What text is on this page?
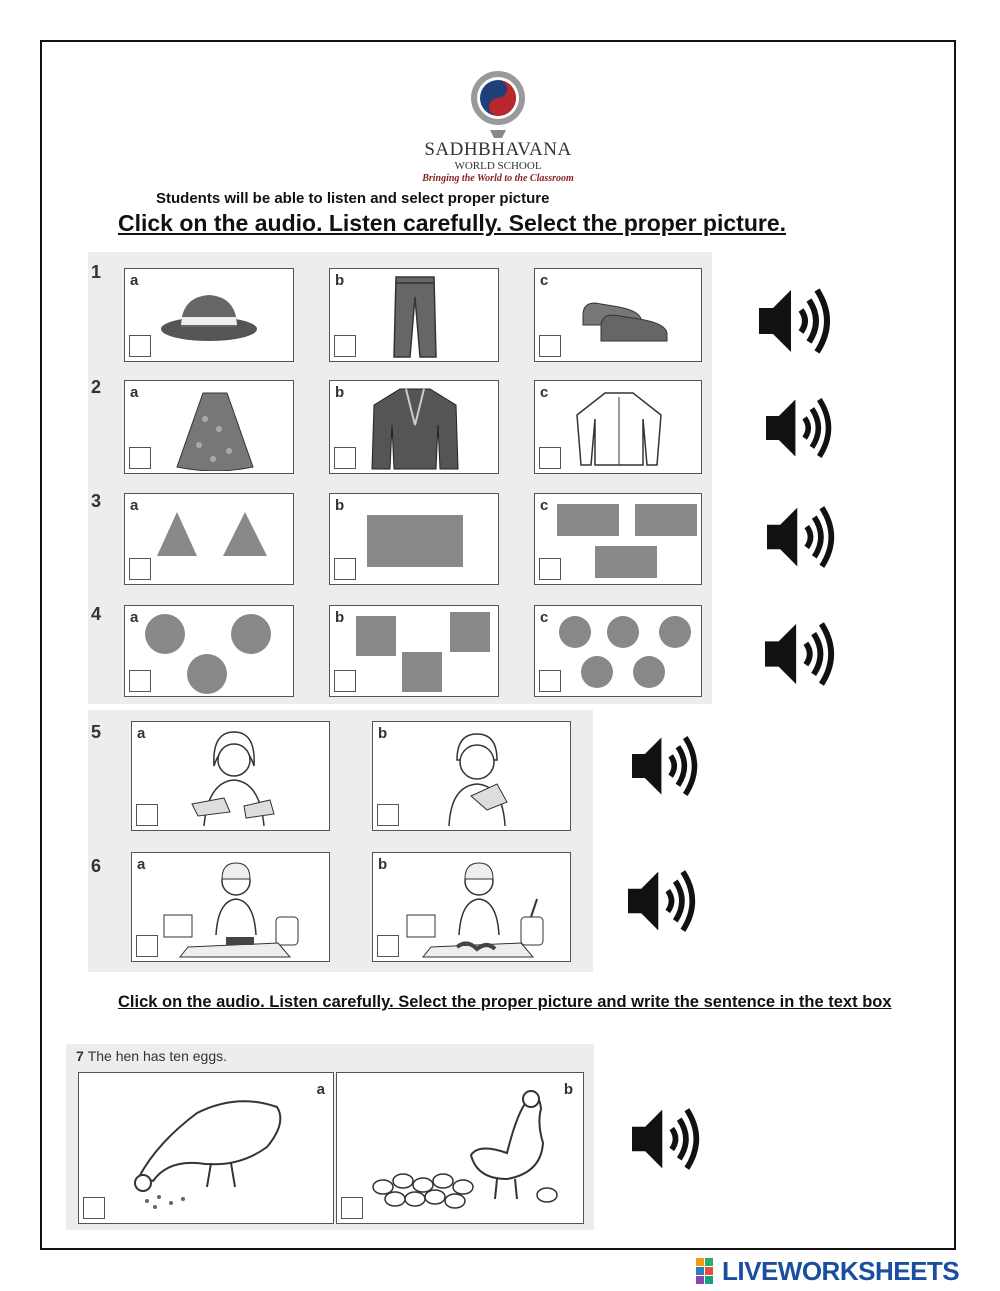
SADHBHAVANA
WORLD SCHOOL
Bringing the World to the Classroom
Students will be able to listen and select proper picture
Click on the audio. Listen carefully. Select the proper picture.
1
2
3
4
5
6
a	b	c
a	b	c
a	b	c
a	b	c
a	b
a	b
Click on the audio. Listen carefully. Select the proper picture and write the sentence in the text box
7 The hen has ten eggs.
a	b
LIVEWORKSHEETS
